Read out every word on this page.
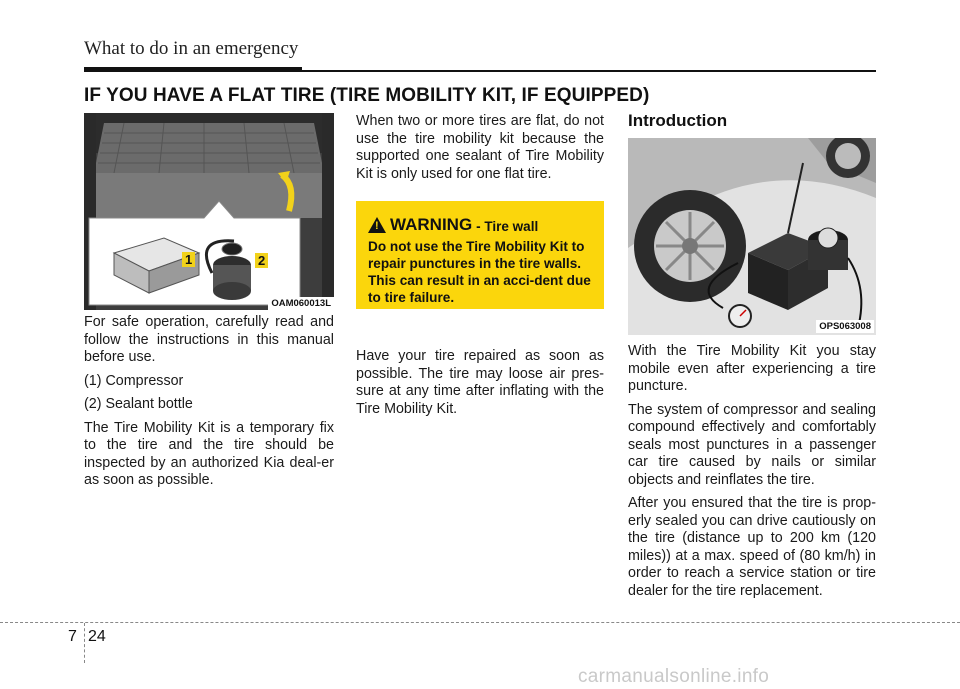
What to do in an emergency
IF YOU HAVE A FLAT TIRE (TIRE MOBILITY KIT, IF EQUIPPED)
1	2
OAM060013L

For safe operation, carefully read and follow the instructions in this manual before use.

(1) Compressor

(2) Sealant bottle

The Tire Mobility Kit is a temporary fix to the tire and the tire should be inspected by an authorized Kia deal-er as soon as possible.

When two or more tires are flat, do not use the tire mobility kit because the supported one sealant of Tire Mobility Kit is only used for one flat tire.

! WARNING - Tire wall
Do not use the Tire Mobility Kit to repair punctures in the tire walls. This can result in an acci-dent due to tire failure.

Have your tire repaired as soon as possible. The tire may loose air pres-sure at any time after inflating with the Tire Mobility Kit.

Introduction
OPS063008

With the Tire Mobility Kit you stay mobile even after experiencing a tire puncture.

The system of compressor and sealing compound effectively and comfortably seals most punctures in a passenger car tire caused by nails or similar objects and reinflates the tire.

After you ensured that the tire is prop-erly sealed you can drive cautiously on the tire (distance up to 200 km (120 miles)) at a max. speed of (80 km/h) in order to reach a service station or tire dealer for the tire replacement.

7 24
carmanualsonline.info
